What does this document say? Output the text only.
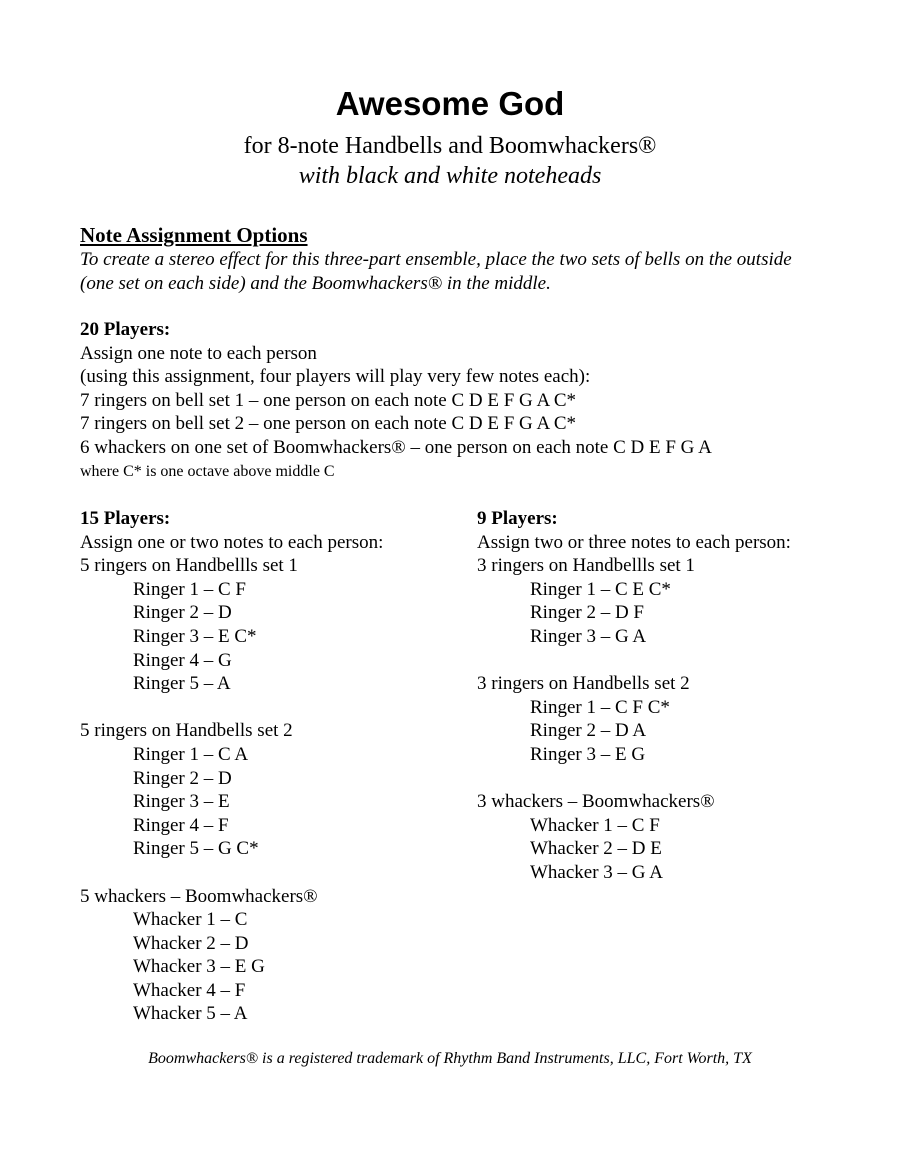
Awesome God
for 8-note Handbells and Boomwhackers®
with black and white noteheads
Note Assignment Options
To create a stereo effect for this three-part ensemble, place the two sets of bells on the outside (one set on each side) and the Boomwhackers® in the middle.
20 Players:
Assign one note to each person
(using this assignment, four players will play very few notes each):
7 ringers on bell set 1 – one person on each note C D E F G A C*
7 ringers on bell set 2 – one person on each note C D E F G A C*
6 whackers on one set of Boomwhackers® – one person on each note C D E F G A
where C* is one octave above middle C
15 Players:
Assign one or two notes to each person:
5 ringers on Handbellls set 1
Ringer 1 – C F
Ringer 2 – D
Ringer 3 – E C*
Ringer 4 – G
Ringer 5 – A
5 ringers on Handbells set 2
Ringer 1 – C A
Ringer 2 – D
Ringer 3 – E
Ringer 4 – F
Ringer 5 – G C*
5 whackers – Boomwhackers®
Whacker 1 – C
Whacker 2 – D
Whacker 3 – E G
Whacker 4 – F
Whacker 5 – A
9 Players:
Assign two or three notes to each person:
3 ringers on Handbellls set 1
Ringer 1 – C E C*
Ringer 2 – D F
Ringer 3 – G A
3 ringers on Handbells set 2
Ringer 1 – C F C*
Ringer 2 – D A
Ringer 3 – E G
3 whackers – Boomwhackers®
Whacker 1 – C F
Whacker 2 – D E
Whacker 3 – G A
Boomwhackers® is a registered trademark of Rhythm Band Instruments, LLC, Fort Worth, TX
